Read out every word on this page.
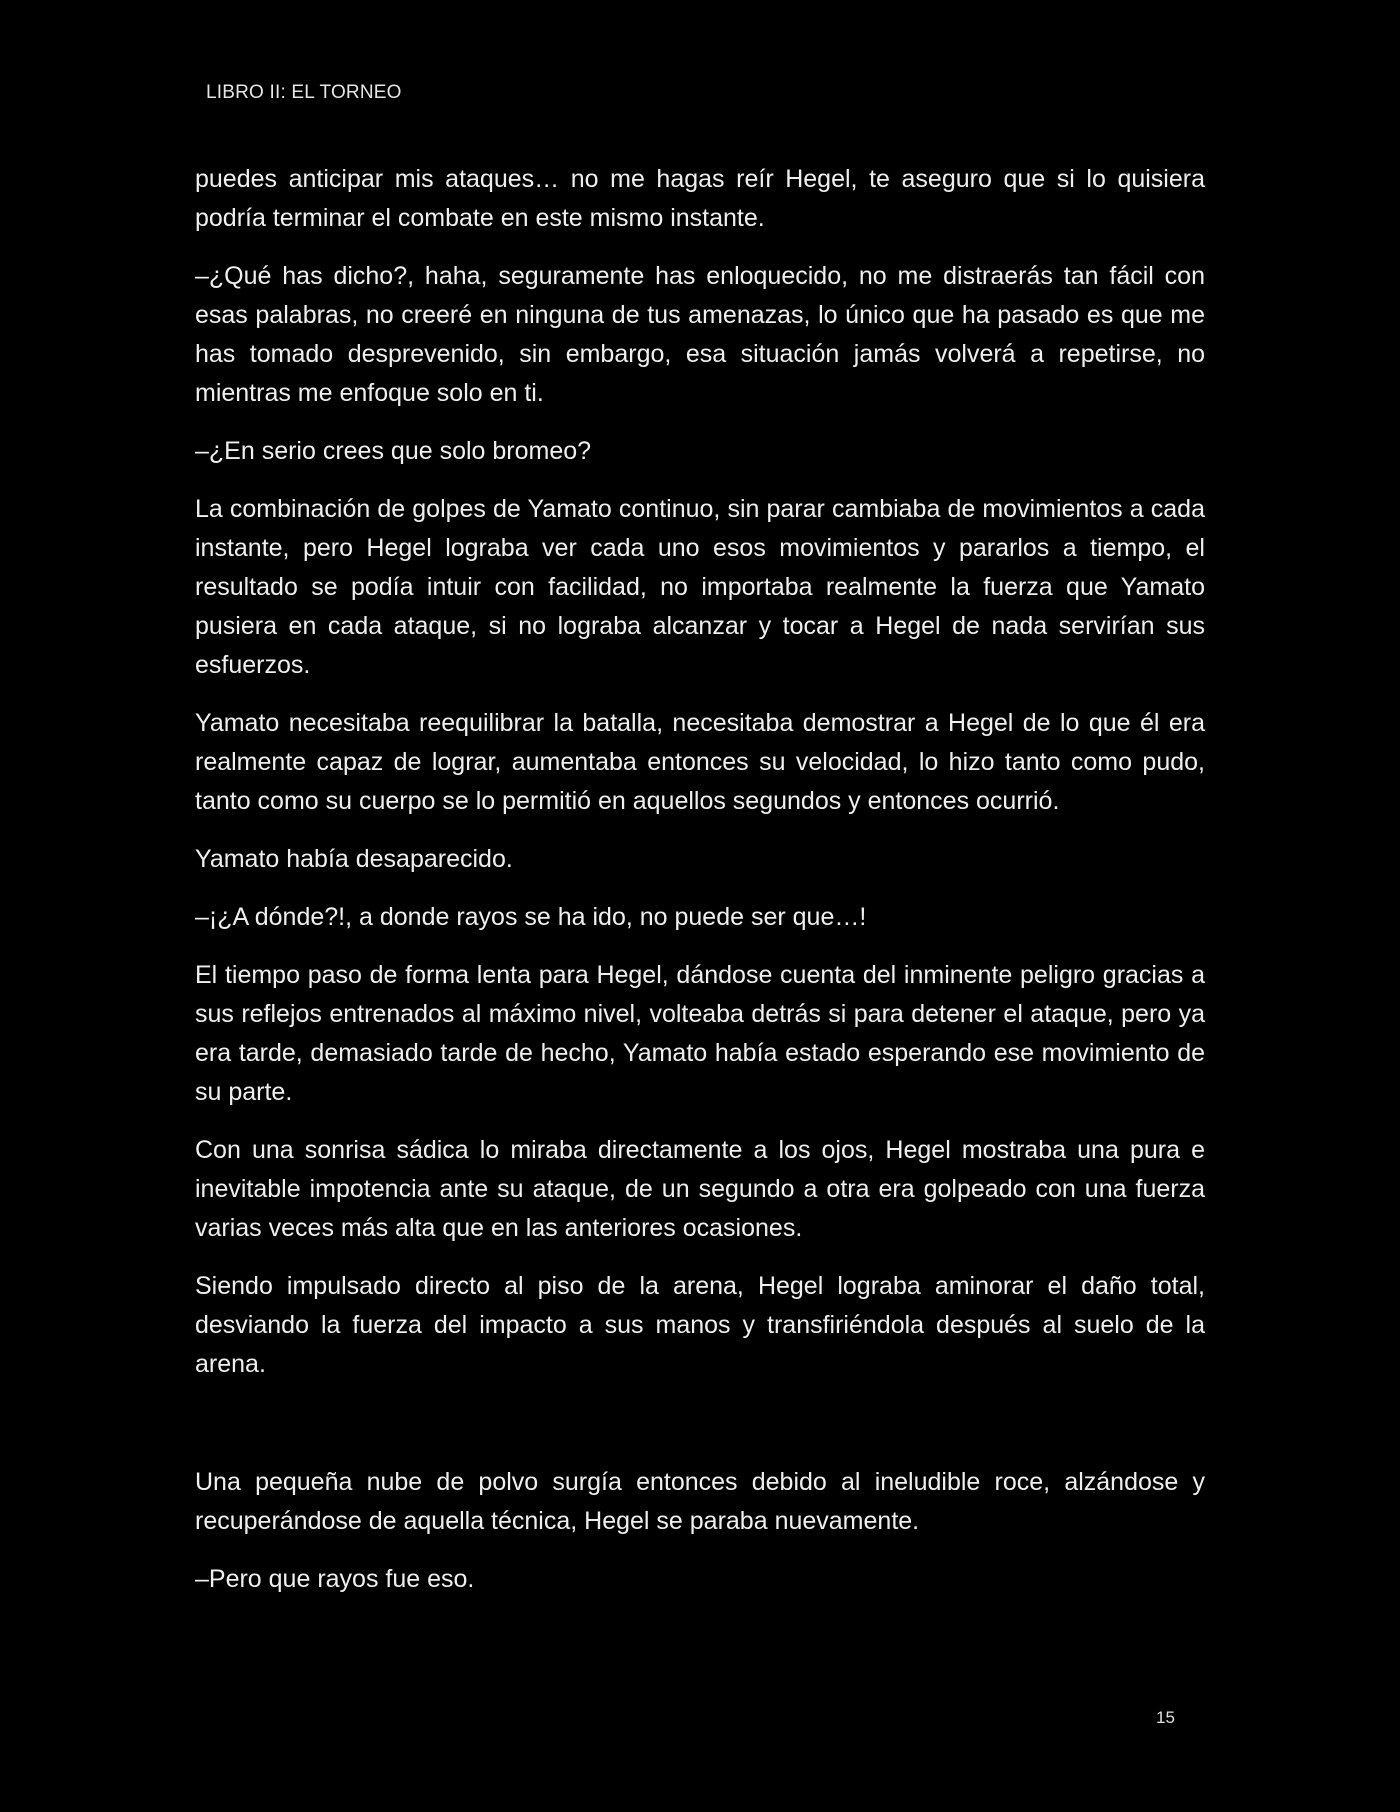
LIBRO II: EL TORNEO

puedes anticipar mis ataques… no me hagas reír Hegel, te aseguro que si lo quisiera podría terminar el combate en este mismo instante.

–¿Qué has dicho?, haha, seguramente has enloquecido, no me distraerás tan fácil con esas palabras, no creeré en ninguna de tus amenazas, lo único que ha pasado es que me has tomado desprevenido, sin embargo, esa situación jamás volverá a repetirse, no mientras me enfoque solo en ti.

–¿En serio crees que solo bromeo?

La combinación de golpes de Yamato continuo, sin parar cambiaba de movimientos a cada instante, pero Hegel lograba ver cada uno esos movimientos y pararlos a tiempo, el resultado se podía intuir con facilidad, no importaba realmente la fuerza que Yamato pusiera en cada ataque, si no lograba alcanzar y tocar a Hegel de nada servirían sus esfuerzos.

Yamato necesitaba reequilibrar la batalla, necesitaba demostrar a Hegel de lo que él era realmente capaz de lograr, aumentaba entonces su velocidad, lo hizo tanto como pudo, tanto como su cuerpo se lo permitió en aquellos segundos y entonces ocurrió.

Yamato había desaparecido.

–¡¿A dónde?!, a donde rayos se ha ido, no puede ser que…!

El tiempo paso de forma lenta para Hegel, dándose cuenta del inminente peligro gracias a sus reflejos entrenados al máximo nivel, volteaba detrás si para detener el ataque, pero ya era tarde, demasiado tarde de hecho, Yamato había estado esperando ese movimiento de su parte.

Con una sonrisa sádica lo miraba directamente a los ojos, Hegel mostraba una pura e inevitable impotencia ante su ataque, de un segundo a otra era golpeado con una fuerza varias veces más alta que en las anteriores ocasiones.

Siendo impulsado directo al piso de la arena, Hegel lograba aminorar el daño total, desviando la fuerza del impacto a sus manos y transfiriéndola después al suelo de la arena.

Una pequeña nube de polvo surgía entonces debido al ineludible roce, alzándose y recuperándose de aquella técnica, Hegel se paraba nuevamente.

–Pero que rayos fue eso.

15
